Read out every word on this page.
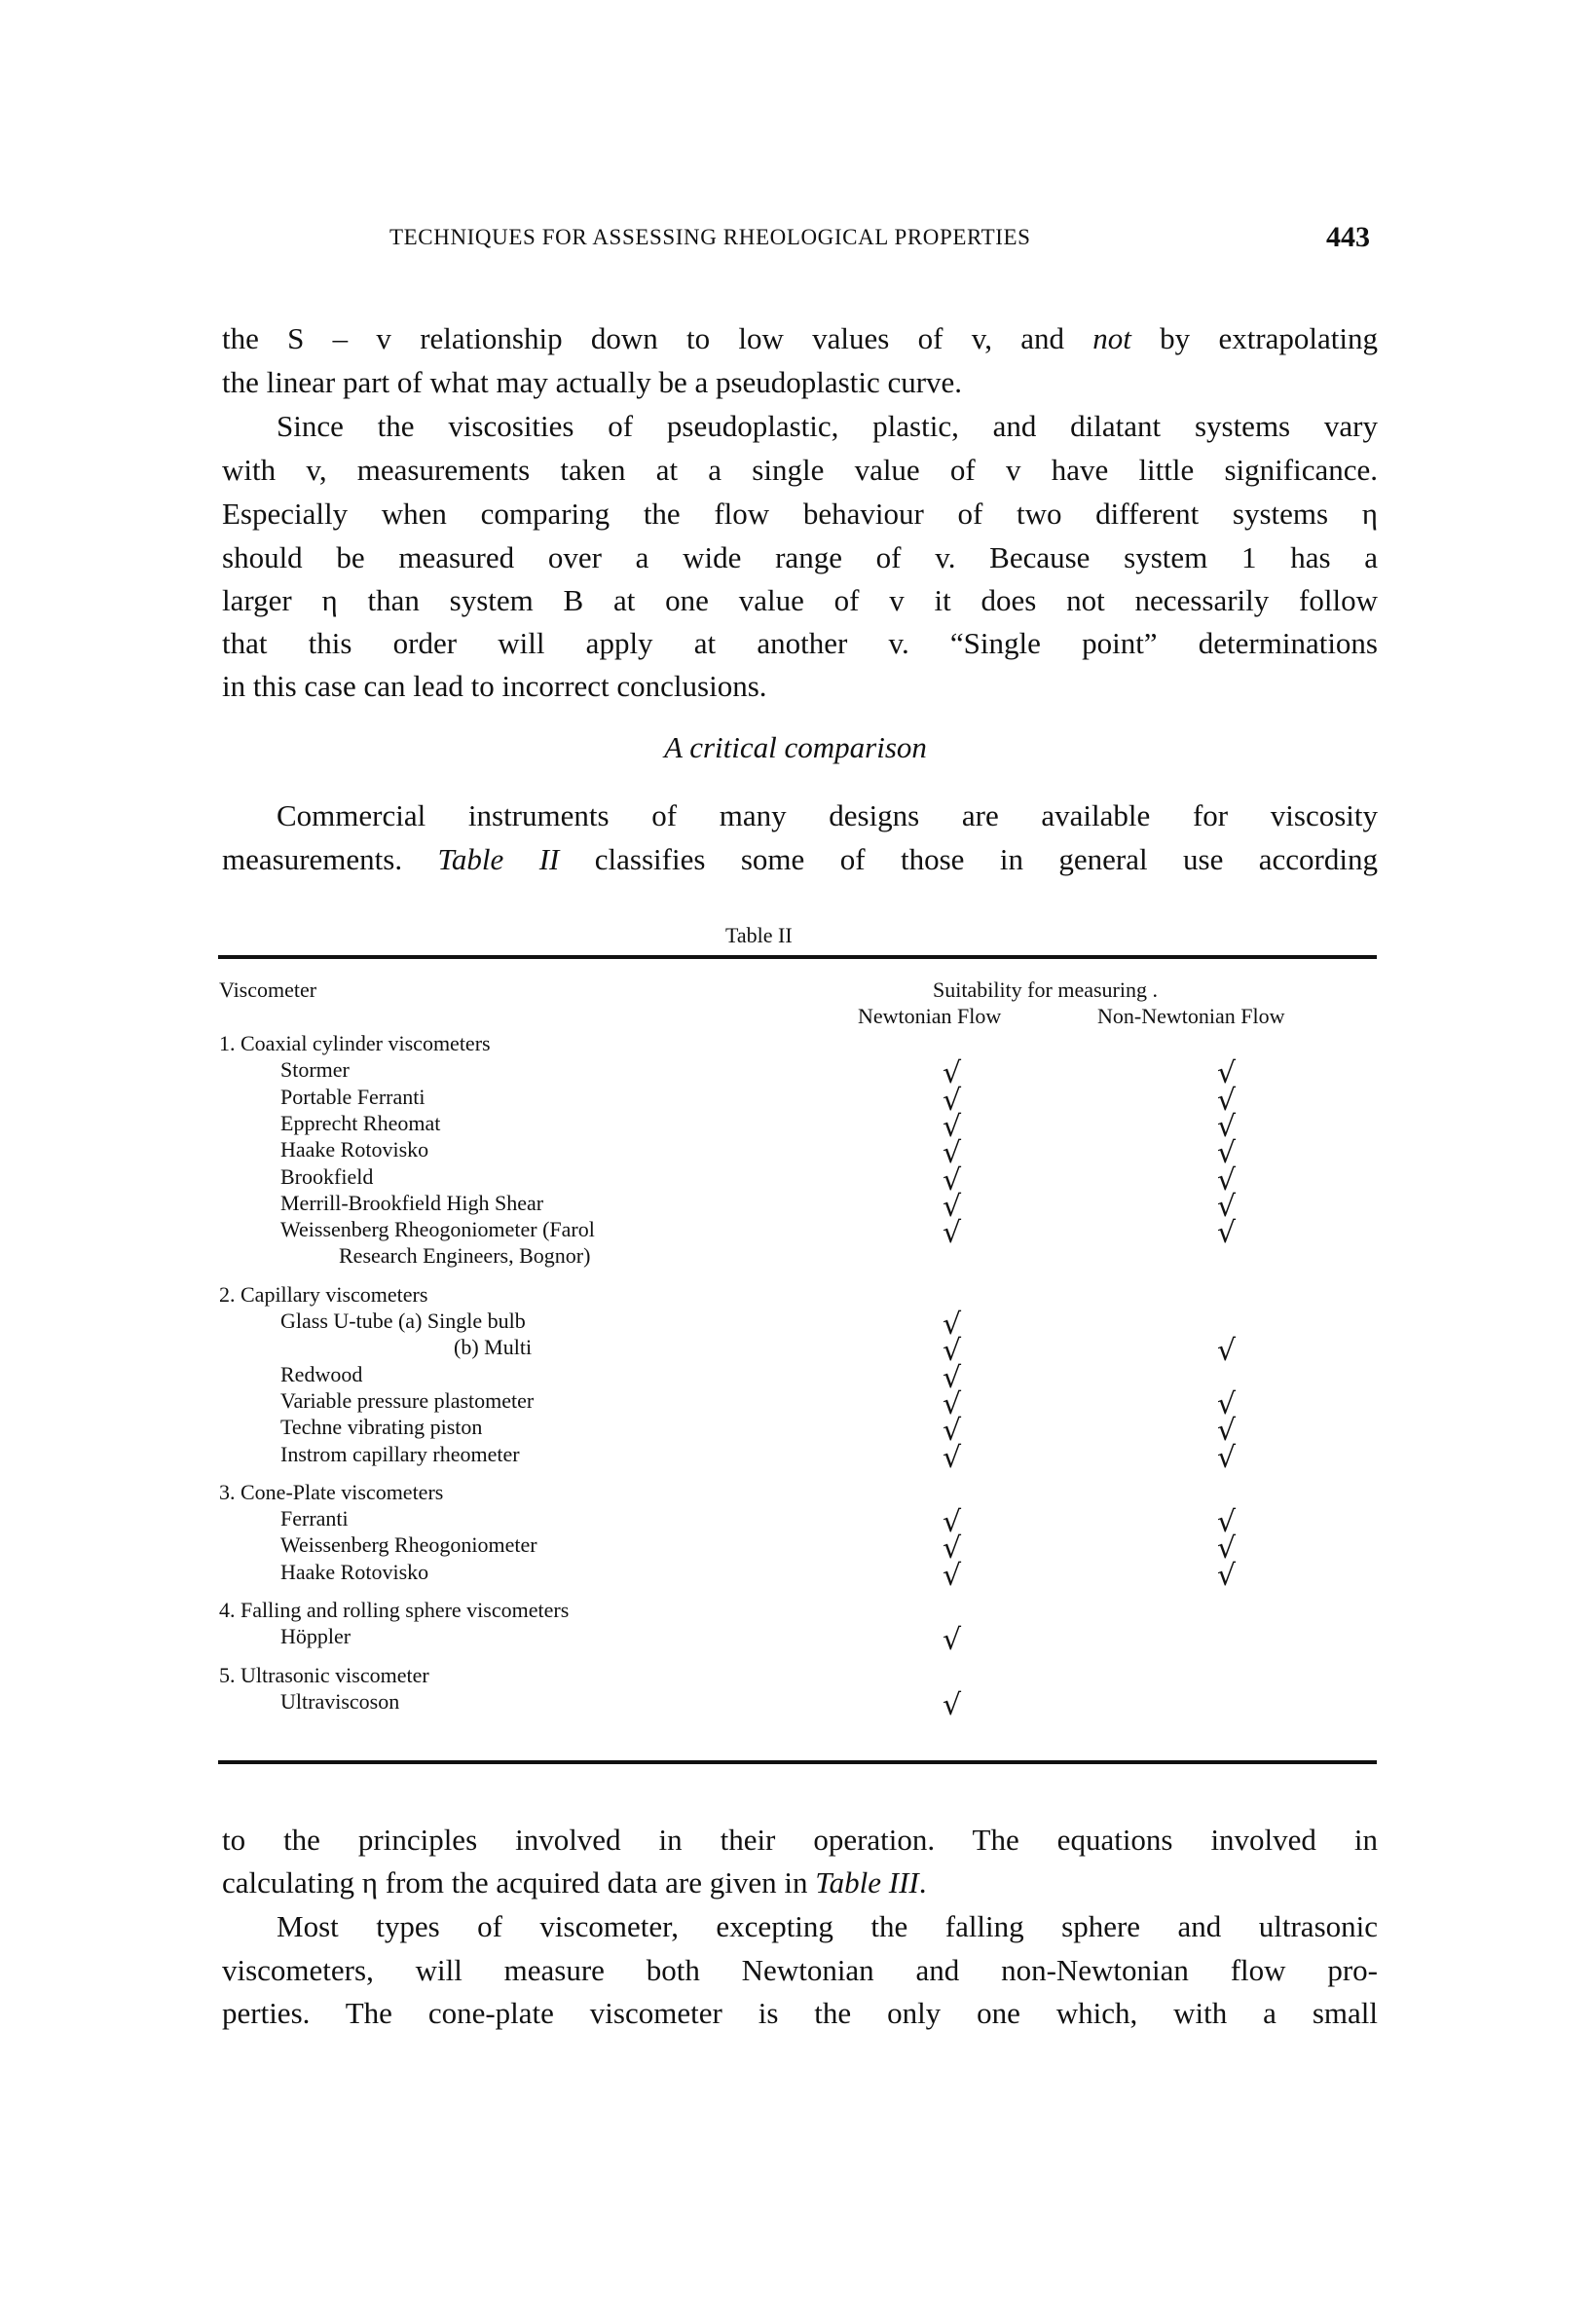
TECHNIQUES FOR ASSESSING RHEOLOGICAL PROPERTIES	443
the S – v relationship down to low values of v, and not by extrapolating
the linear part of what may actually be a pseudoplastic curve.
Since the viscosities of pseudoplastic, plastic, and dilatant systems vary
with v, measurements taken at a single value of v have little significance.
Especially when comparing the flow behaviour of two different systems η
should be measured over a wide range of v. Because system 1 has a
larger η than system B at one value of v it does not necessarily follow
that this order will apply at another v. “Single point” determinations
in this case can lead to incorrect conclusions.
A critical comparison
Commercial instruments of many designs are available for viscosity
measurements. Table II classifies some of those in general use according
Table II
Viscometer	Suitability for measuring .
Newtonian Flow	Non-Newtonian Flow
1. Coaxial cylinder viscometers
Stormer	√	√
Portable Ferranti	√	√
Epprecht Rheomat	√	√
Haake Rotovisko	√	√
Brookfield	√	√
Merrill-Brookfield High Shear	√	√
Weissenberg Rheogoniometer (Farol	√	√
Research Engineers, Bognor)
2. Capillary viscometers
Glass U-tube (a) Single bulb	√
(b) Multi	√	√
Redwood	√
Variable pressure plastometer	√	√
Techne vibrating piston	√	√
Instrom capillary rheometer	√	√
3. Cone-Plate viscometers
Ferranti	√	√
Weissenberg Rheogoniometer	√	√
Haake Rotovisko	√	√
4. Falling and rolling sphere viscometers
Höppler	√
5. Ultrasonic viscometer
Ultraviscoson	√
to the principles involved in their operation. The equations involved in
calculating η from the acquired data are given in Table III.
Most types of viscometer, excepting the falling sphere and ultrasonic
viscometers, will measure both Newtonian and non-Newtonian flow pro-
perties. The cone-plate viscometer is the only one which, with a small
